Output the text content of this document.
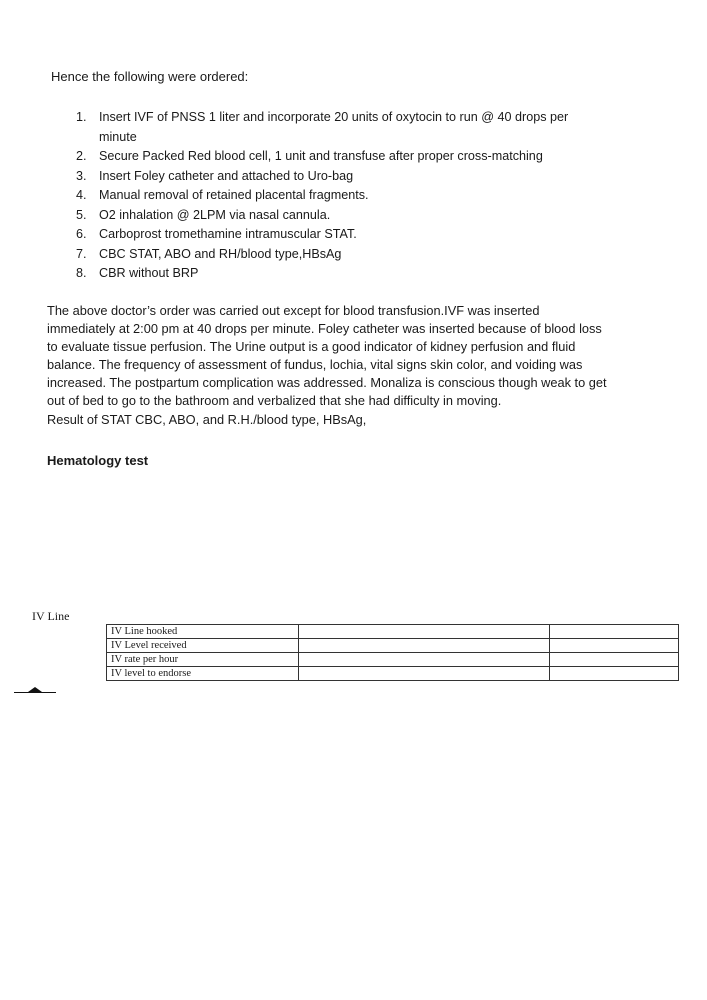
Hence the following were ordered:

1. Insert IVF of PNSS 1 liter and incorporate 20 units of oxytocin to run @ 40 drops per
minute
2. Secure Packed Red blood cell, 1 unit and transfuse after proper cross-matching
3. Insert Foley catheter and attached to Uro-bag
4. Manual removal of retained placental fragments.
5. O2 inhalation @ 2LPM via nasal cannula.
6. Carboprost tromethamine intramuscular STAT.
7. CBC STAT, ABO and RH/blood type,HBsAg
8. CBR without BRP
The above doctor’s order was carried out except for blood transfusion.IVF was inserted
immediately at 2:00 pm at 40 drops per minute. Foley catheter was inserted because of blood loss
to evaluate tissue perfusion. The Urine output is a good indicator of kidney perfusion and fluid
balance. The frequency of assessment of fundus, lochia, vital signs skin color, and voiding was
increased. The postpartum complication was addressed. Monaliza is conscious though weak to get
out of bed to go to the bathroom and verbalized that she had difficulty in moving.
Result of STAT CBC, ABO, and R.H./blood type, HBsAg,

Hematology test

IV Line

IV Line hooked		
IV Level received		
IV rate per hour		
IV level to endorse		
